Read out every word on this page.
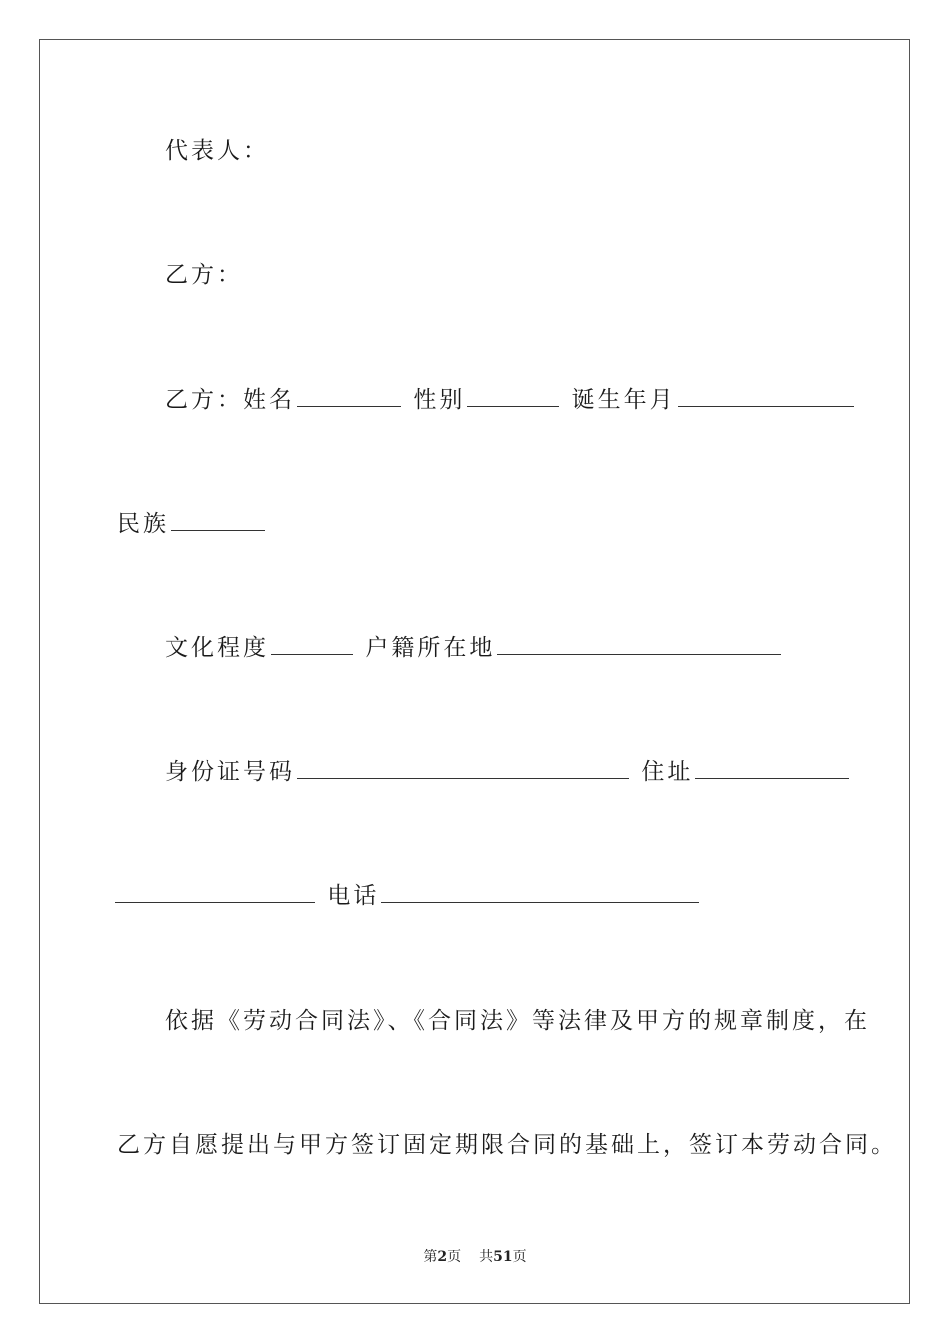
代表人：
乙方：
乙方：姓名	性别	诞生年月
民族
文化程度	户籍所在地
身份证号码	住址
电话
依据《劳动合同法》、《合同法》等法律及甲方的规章制度，在
乙方自愿提出与甲方签订固定期限合同的基础上，签订本劳动合同。
第2页 共51页
